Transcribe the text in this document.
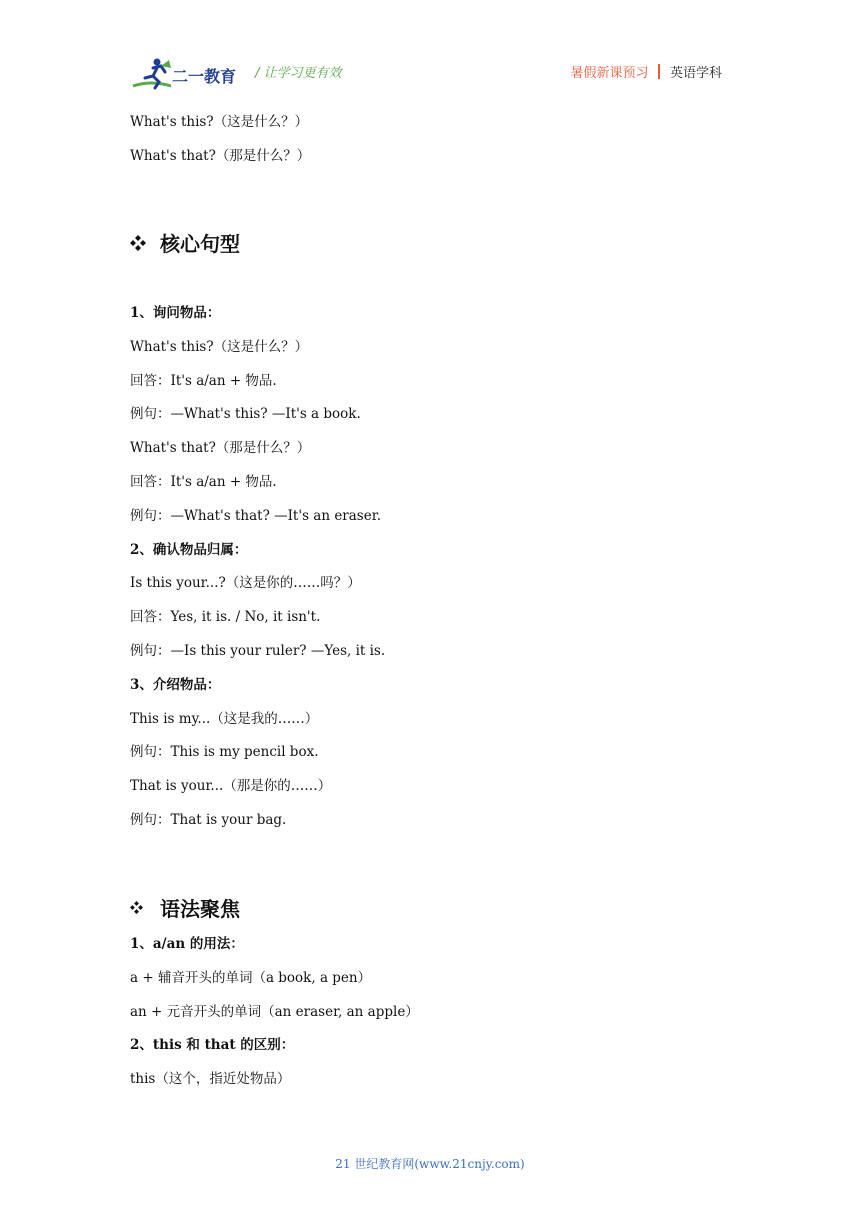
二一教育 / 让学习更有效	暑假新课预习 英语学科
What's this?（这是什么？）
What's that?（那是什么？）
核心句型
1、询问物品：
What's this?（这是什么？）
回答：It's a/an + 物品.
例句：—What's this? —It's a book.
What's that?（那是什么？）
回答：It's a/an + 物品.
例句：—What's that? —It's an eraser.
2、确认物品归属：
Is this your...?（这是你的……吗？）
回答：Yes, it is. / No, it isn't.
例句：—Is this your ruler? —Yes, it is.
3、介绍物品：
This is my...（这是我的……）
例句：This is my pencil box.
That is your...（那是你的……）
例句：That is your bag.
语法聚焦
1、a/an 的用法：
a + 辅音开头的单词（a book, a pen）
an + 元音开头的单词（an eraser, an apple）
2、this 和 that 的区别：
this（这个，指近处物品）
21 世纪教育网(www.21cnjy.com)
